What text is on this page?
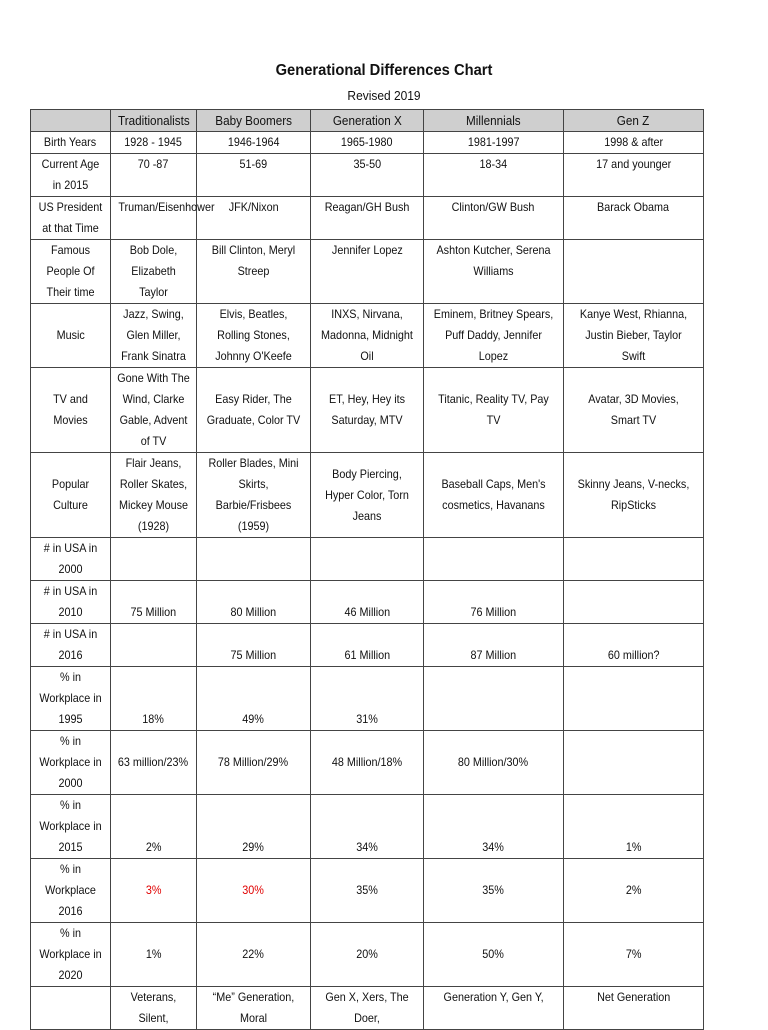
Generational Differences Chart
Revised 2019
	Traditionalists	Baby Boomers	Generation X	Millennials	Gen Z
Birth Years	1928 - 1945	1946-1964	1965-1980	1981-1997	1998 & after
Current Age in 2015	70 -87	51-69	35-50	18-34	17 and younger
US President at that Time	Truman/Eisenhower	JFK/Nixon	Reagan/GH Bush	Clinton/GW Bush	Barack Obama
Famous People Of Their time	Bob Dole, Elizabeth Taylor	Bill Clinton, Meryl Streep	Jennifer Lopez	Ashton Kutcher, Serena Williams	
Music	Jazz, Swing, Glen Miller, Frank Sinatra	Elvis, Beatles, Rolling Stones, Johnny O'Keefe	INXS, Nirvana, Madonna, Midnight Oil	Eminem, Britney Spears, Puff Daddy, Jennifer Lopez	Kanye West, Rhianna, Justin Bieber, Taylor Swift
TV and Movies	Gone With The Wind, Clarke Gable, Advent of TV	Easy Rider, The Graduate, Color TV	ET, Hey, Hey its Saturday, MTV	Titanic, Reality TV, Pay TV	Avatar, 3D Movies, Smart TV
Popular Culture	Flair Jeans, Roller Skates, Mickey Mouse (1928)	Roller Blades, Mini Skirts, Barbie/Frisbees (1959)	Body Piercing, Hyper Color, Torn Jeans	Baseball Caps, Men's cosmetics, Havanans	Skinny Jeans, V-necks, RipSticks
# in USA in 2000					
# in USA in 2010	75 Million	80 Million	46 Million	76 Million	
# in USA in 2016		75 Million	61 Million	87 Million	60 million?
% in Workplace in 1995	18%	49%	31%		
% in Workplace in 2000	63 million/23%	78 Million/29%	48 Million/18%	80 Million/30%	
% in Workplace in 2015	2%	29%	34%	34%	1%
% in Workplace 2016	3%	30%	35%	35%	2%
% in Workplace in 2020	1%	22%	20%	50%	7%
	Veterans, Silent,	“Me” Generation, Moral	Gen X, Xers, The Doer,	Generation Y, Gen Y,	Net Generation
